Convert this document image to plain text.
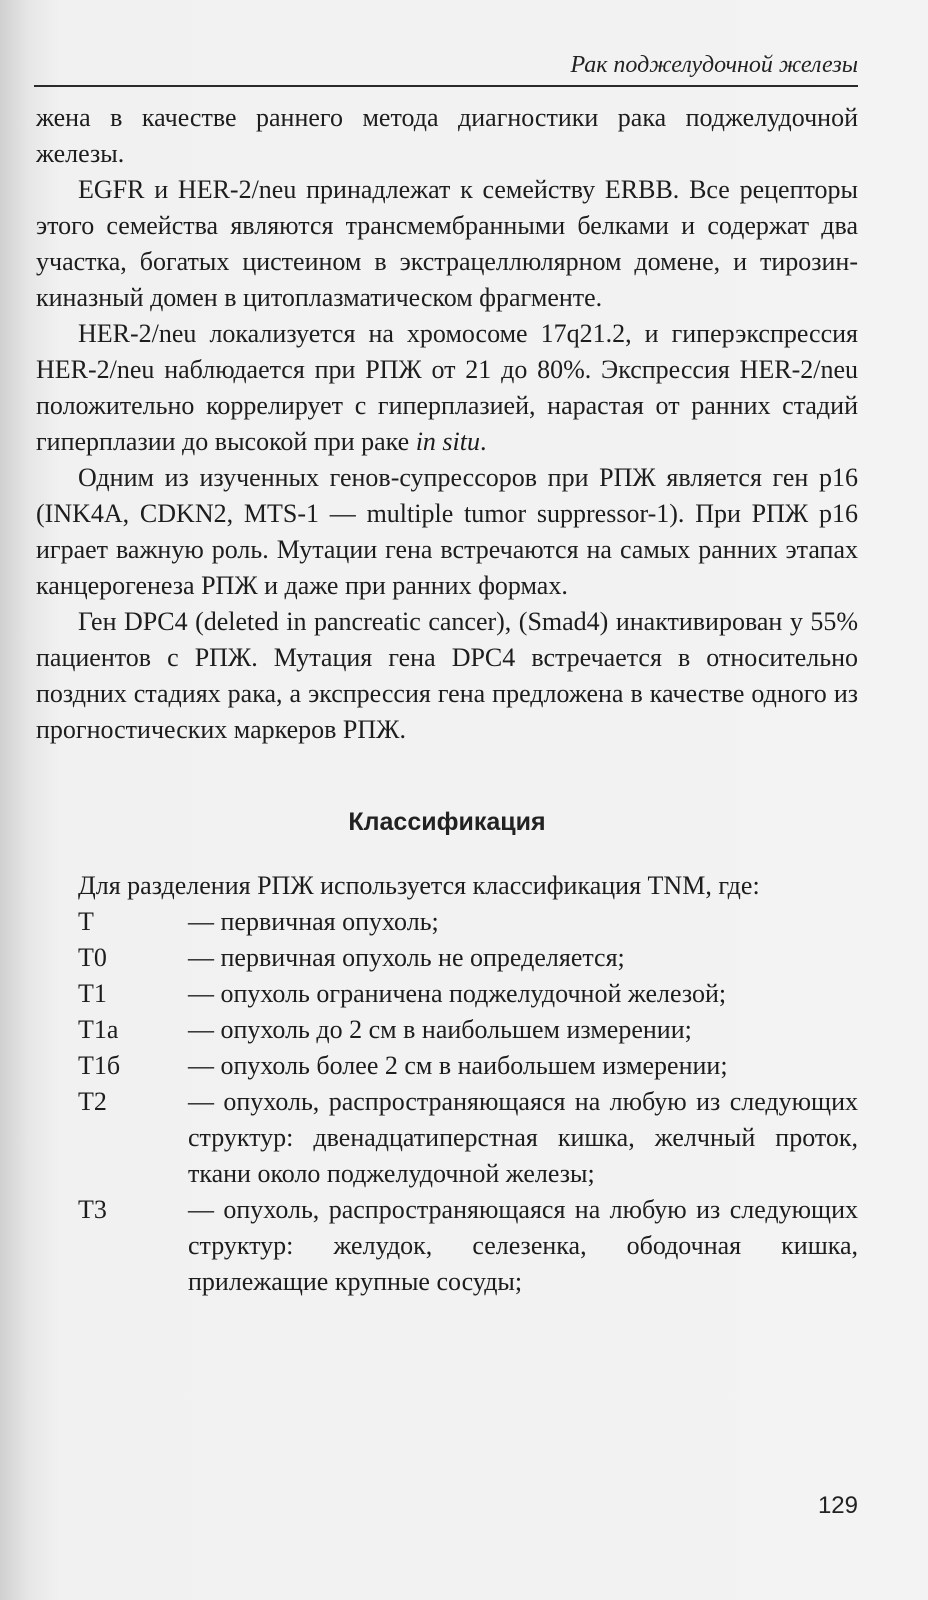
Рак поджелудочной железы

жена в качестве раннего метода диагностики рака поджелудочной железы.

EGFR и HER-2/neu принадлежат к семейству ERBB. Все рецепторы этого семейства являются трансмембранными белками и содержат два участка, богатых цистеином в экстрацеллюлярном домене, и тирозин-киназный домен в цитоплазматическом фрагменте.

HER-2/neu локализуется на хромосоме 17q21.2, и гиперэкспрессия HER-2/neu наблюдается при РПЖ от 21 до 80%. Экспрессия HER-2/neu положительно коррелирует с гиперплазией, нарастая от ранних стадий гиперплазии до высокой при раке in situ.

Одним из изученных генов-супрессоров при РПЖ является ген p16 (INK4A, CDKN2, MTS-1 — multiple tumor suppressor-1). При РПЖ p16 играет важную роль. Мутации гена встречаются на самых ранних этапах канцерогенеза РПЖ и даже при ранних формах.

Ген DPC4 (deleted in pancreatic cancer), (Smad4) инактивирован у 55% пациентов с РПЖ. Мутация гена DPC4 встречается в относительно поздних стадиях рака, а экспрессия гена предложена в качестве одного из прогностических маркеров РПЖ.

Классификация

Для разделения РПЖ используется классификация TNM, где:

T	— первичная опухоль;
T0	— первичная опухоль не определяется;
T1	— опухоль ограничена поджелудочной железой;
T1a	— опухоль до 2 см в наибольшем измерении;
T1б	— опухоль более 2 см в наибольшем измерении;
T2	— опухоль, распространяющаяся на любую из следующих структур: двенадцатиперстная кишка, желчный проток, ткани около поджелудочной железы;
T3	— опухоль, распространяющаяся на любую из следующих структур: желудок, селезенка, ободочная кишка, прилежащие крупные сосуды;
129
